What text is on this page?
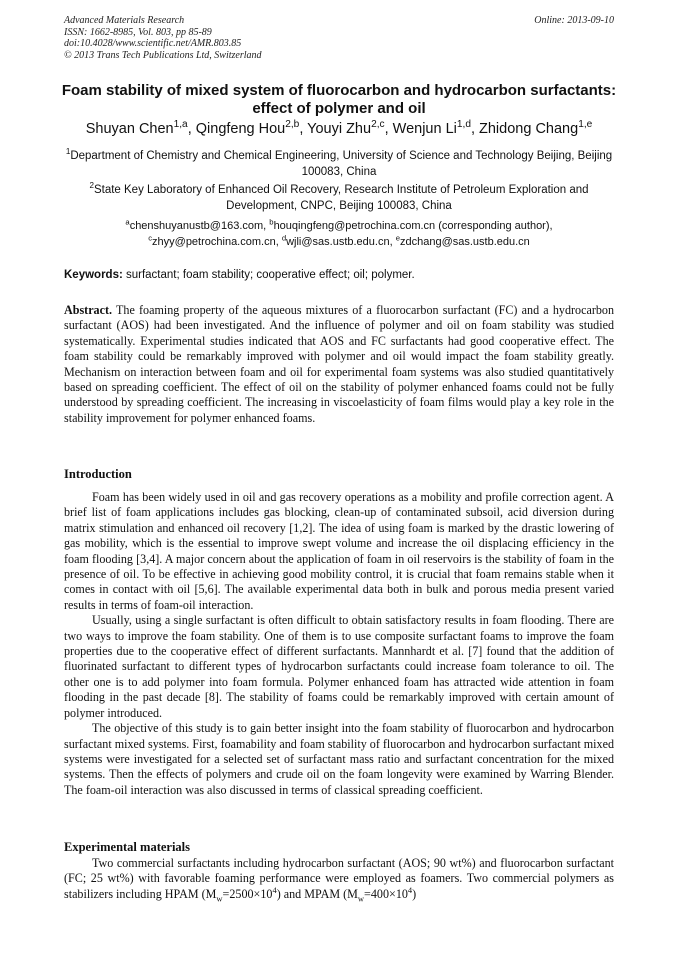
Advanced Materials Research
ISSN: 1662-8985, Vol. 803, pp 85-89
doi:10.4028/www.scientific.net/AMR.803.85
© 2013 Trans Tech Publications Ltd, Switzerland
Online: 2013-09-10
Foam stability of mixed system of fluorocarbon and hydrocarbon surfactants: effect of polymer and oil
Shuyan Chen$^{1,a}$, Qingfeng Hou$^{2,b}$, Youyi Zhu$^{2,c}$, Wenjun Li$^{1,d}$, Zhidong Chang$^{1,e}$
$^1$Department of Chemistry and Chemical Engineering, University of Science and Technology Beijing, Beijing 100083, China
$^2$State Key Laboratory of Enhanced Oil Recovery, Research Institute of Petroleum Exploration and Development, CNPC, Beijing 100083, China
$^a$chenshuyanustb@163.com, $^b$houqingfeng@petrochina.com.cn (corresponding author),
$^c$zhyy@petrochina.com.cn, $^d$wjli@sas.ustb.edu.cn, $^e$zdchang@sas.ustb.edu.cn
Keywords: surfactant; foam stability; cooperative effect; oil; polymer.
Abstract. The foaming property of the aqueous mixtures of a fluorocarbon surfactant (FC) and a hydrocarbon surfactant (AOS) had been investigated. And the influence of polymer and oil on foam stability was studied systematically. Experimental studies indicated that AOS and FC surfactants had good cooperative effect. The foam stability could be remarkably improved with polymer and oil would impact the foam stability greatly. Mechanism on interaction between foam and oil for experimental foam systems was also studied quantitatively based on spreading coefficient. The effect of oil on the stability of polymer enhanced foams could not be fully understood by spreading coefficient. The increasing in viscoelasticity of foam films would play a key role in the stability improvement for polymer enhanced foams.
Introduction

Foam has been widely used in oil and gas recovery operations as a mobility and profile correction agent. A brief list of foam applications includes gas blocking, clean-up of contaminated subsoil, acid diversion during matrix stimulation and enhanced oil recovery [1,2]. The idea of using foam is marked by the drastic lowering of gas mobility, which is the essential to improve swept volume and increase the oil displacing efficiency in the foam flooding [3,4]. A major concern about the application of foam in oil reservoirs is the stability of foam in the presence of oil. To be effective in achieving good mobility control, it is crucial that foam remains stable when it comes in contact with oil [5,6]. The available experimental data both in bulk and porous media present varied results in terms of foam-oil interaction.

Usually, using a single surfactant is often difficult to obtain satisfactory results in foam flooding. There are two ways to improve the foam stability. One of them is to use composite surfactant foams to improve the foam properties due to the cooperative effect of different surfactants. Mannhardt et al. [7] found that the addition of fluorinated surfactant to different types of hydrocarbon surfactants could increase foam tolerance to oil. The other one is to add polymer into foam formula. Polymer enhanced foam has attracted wide attention in foam flooding in the past decade [8]. The stability of foams could be remarkably improved with certain amount of polymer introduced.

The objective of this study is to gain better insight into the foam stability of fluorocarbon and hydrocarbon surfactant mixed systems. First, foamability and foam stability of fluorocarbon and hydrocarbon surfactant mixed systems were investigated for a selected set of surfactant mass ratio and surfactant concentration for the mixed systems. Then the effects of polymers and crude oil on the foam longevity were examined by Warring Blender. The foam-oil interaction was also discussed in terms of classical spreading coefficient.

Experimental materials

Two commercial surfactants including hydrocarbon surfactant (AOS; 90 wt%) and fluorocarbon surfactant (FC; 25 wt%) with favorable foaming performance were employed as foamers. Two commercial polymers as stabilizers including HPAM $(M_w=2500\times 10^4)$ and MPAM $(M_w=400\times 10^4)$
